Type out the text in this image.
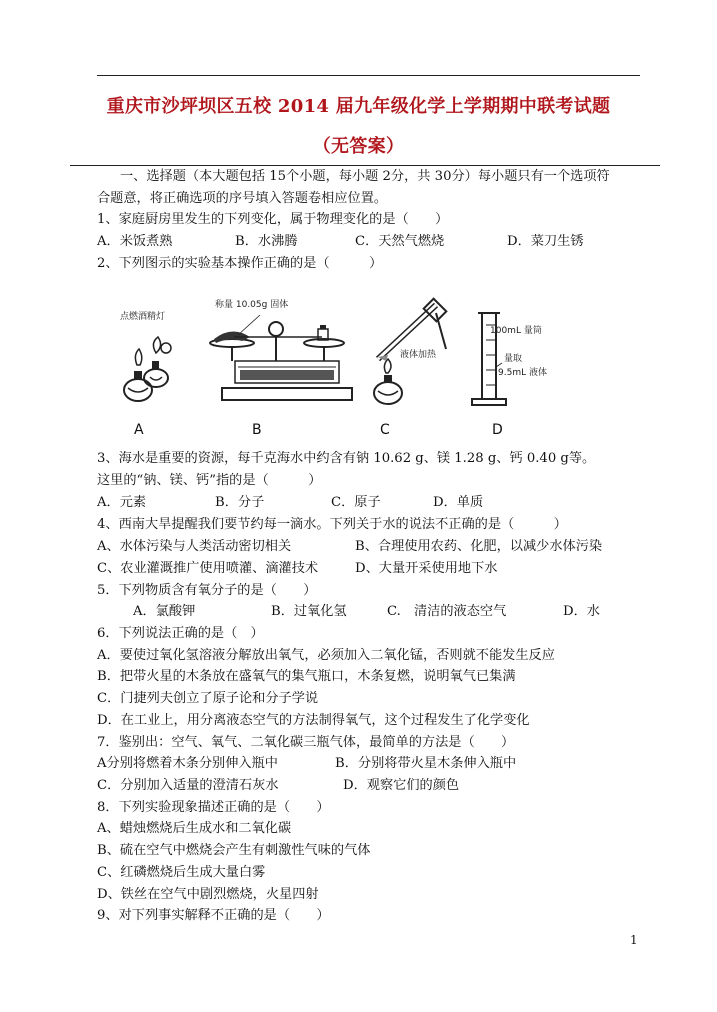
重庆市沙坪坝区五校 2014 届九年级化学上学期期中联考试题
（无答案）
一、选择题（本大题包括 15个小题，每小题 2分，共 30分）每小题只有一个选项符
合题意，将正确选项的序号填入答题卷相应位置。
1、家庭厨房里发生的下列变化，属于物理变化的是（　　）
A．米饭煮熟	B．水沸腾	C．天然气燃烧	D．菜刀生锈
2、下列图示的实验基本操作正确的是（　　　）
点燃酒精灯
称量 10.05g 固体
液体加热
100mL 量筒
量取
9.5mL 液体
A	B	C	D
3、海水是重要的资源，每千克海水中约含有钠 10.62 g、镁 1.28 g、钙 0.40 g等。
这里的“钠、镁、钙”指的是（　　　）
A．元素	B．分子	C．原子	D．单质
4、西南大旱提醒我们要节约每一滴水。下列关于水的说法不正确的是（　　　）
A、水体污染与人类活动密切相关	B、合理使用农药、化肥，以减少水体污染
C、农业灌溉推广使用喷灌、滴灌技术	D、大量开采使用地下水
5．下列物质含有氧分子的是（　　）
A．氯酸钾	B．过氧化氢	C.　清洁的液态空气	D．水
6．下列说法正确的是（　）
A．要使过氧化氢溶液分解放出氧气，必须加入二氧化锰，否则就不能发生反应
B．把带火星的木条放在盛氧气的集气瓶口，木条复燃，说明氧气已集满
C．门捷列夫创立了原子论和分子学说
D．在工业上，用分离液态空气的方法制得氧气，这个过程发生了化学变化
7．鉴别出：空气、氧气、二氧化碳三瓶气体，最简单的方法是（　　）
A分别将燃着木条分别伸入瓶中	B．分别将带火星木条伸入瓶中
C．分别加入适量的澄清石灰水	D．观察它们的颜色
8．下列实验现象描述正确的是（　　）
A、蜡烛燃烧后生成水和二氧化碳
B、硫在空气中燃烧会产生有刺激性气味的气体
C、红磷燃烧后生成大量白雾
D、铁丝在空气中剧烈燃烧，火星四射
9、对下列事实解释不正确的是（　　）
1
